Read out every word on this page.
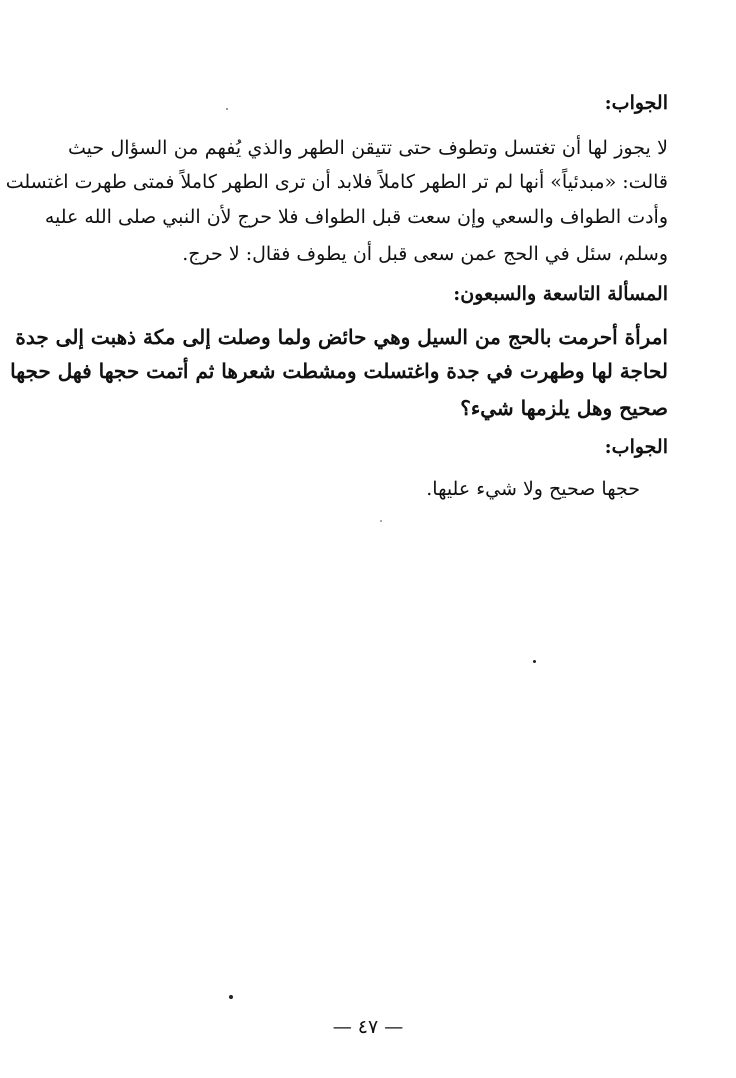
الجواب:
لا يجوز لها أن تغتسل وتطوف حتى تتيقن الطهر والذي يُفهم من السؤال حيث
قالت: «مبدئياً» أنها لم تر الطهر كاملاً فلابد أن ترى الطهر كاملاً فمتى طهرت اغتسلت
وأدت الطواف والسعي وإن سعت قبل الطواف فلا حرج لأن النبي صلى الله عليه
وسلم، سئل في الحج عمن سعى قبل أن يطوف فقال: لا حرج.
المسألة التاسعة والسبعون:
امرأة أحرمت بالحج من السيل وهي حائض ولما وصلت إلى مكة ذهبت إلى جدة
لحاجة لها وطهرت في جدة واغتسلت ومشطت شعرها ثم أتمت حجها فهل حجها
صحيح وهل يلزمها شيء؟
الجواب:
حجها صحيح ولا شيء عليها.
— ٤٧ —
